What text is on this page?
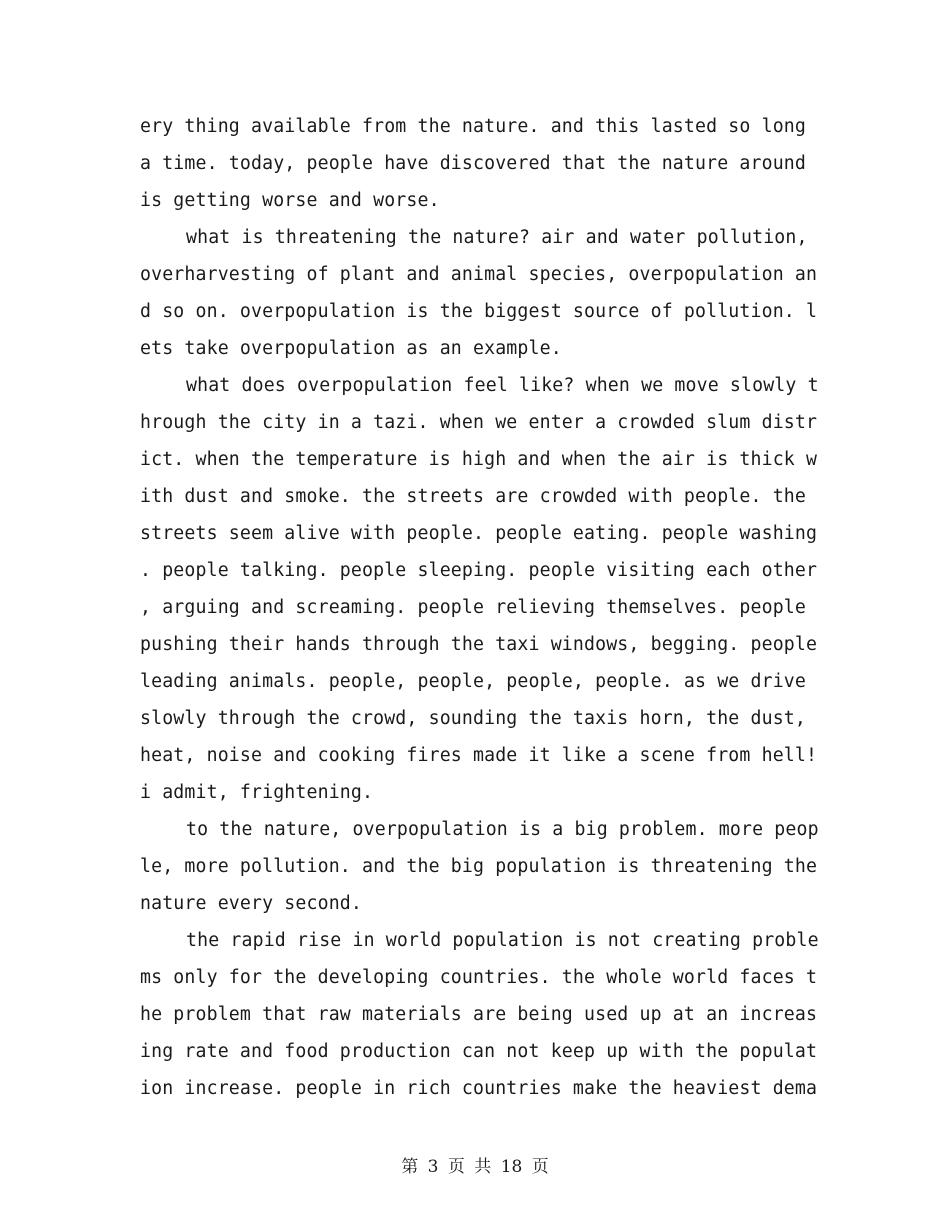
ery thing available from the nature. and this lasted so long
a time. today, people have discovered that the nature around
is getting worse and worse.
what is threatening the nature? air and water pollution,
overharvesting of plant and animal species, overpopulation an
d so on. overpopulation is the biggest source of pollution. l
ets take overpopulation as an example.
what does overpopulation feel like? when we move slowly t
hrough the city in a tazi. when we enter a crowded slum distr
ict. when the temperature is high and when the air is thick w
ith dust and smoke. the streets are crowded with people. the
streets seem alive with people. people eating. people washing
. people talking. people sleeping. people visiting each other
, arguing and screaming. people relieving themselves. people
pushing their hands through the taxi windows, begging. people
leading animals. people, people, people, people. as we drive
slowly through the crowd, sounding the taxis horn, the dust,
heat, noise and cooking fires made it like a scene from hell!
i admit, frightening.
to the nature, overpopulation is a big problem. more peop
le, more pollution. and the big population is threatening the
nature every second.
the rapid rise in world population is not creating proble
ms only for the developing countries. the whole world faces t
he problem that raw materials are being used up at an increas
ing rate and food production can not keep up with the populat
ion increase. people in rich countries make the heaviest dema
第 3 页 共 18 页
